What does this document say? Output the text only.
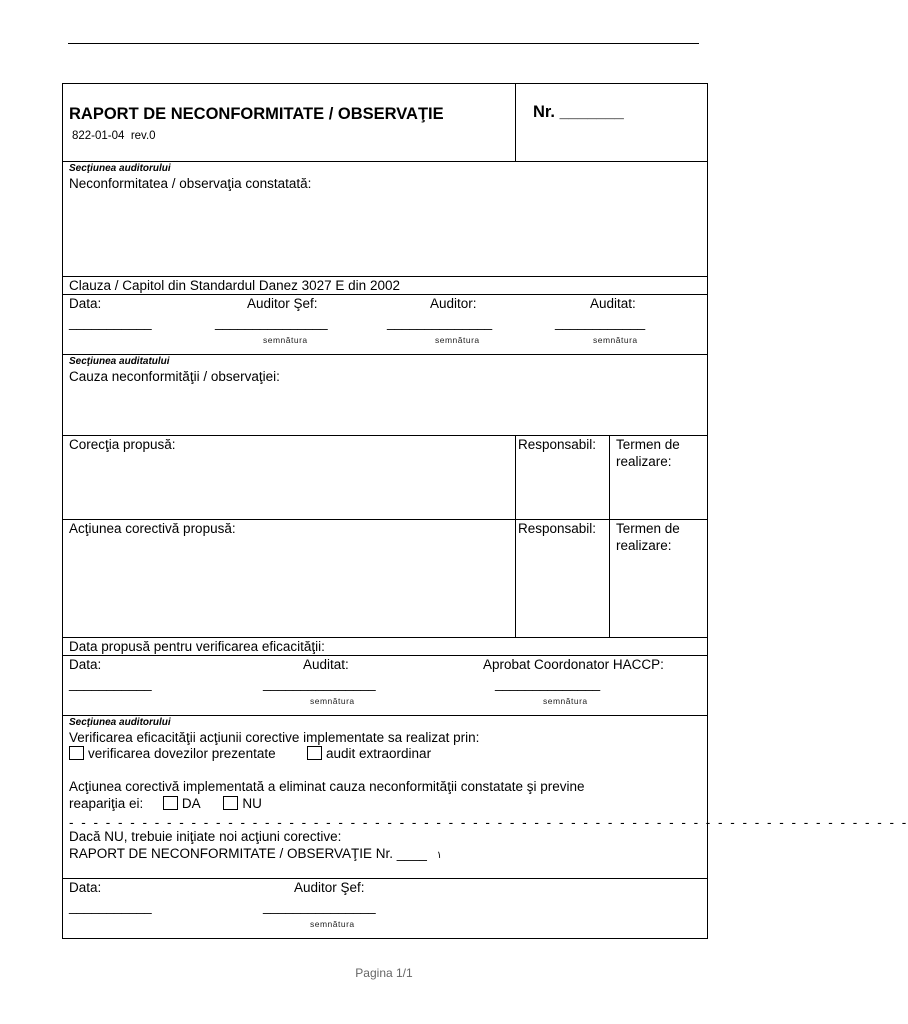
RAPORT DE NECONFORMITATE / OBSERVAŢIE
822-01-04 rev.0
Nr. _______
Secţiunea auditorului
Neconformitatea / observaţia constatată:
Clauza / Capitol din Standardul Danez 3027 E din 2002
Data:	Auditor Şef:	Auditor:	Auditat:
___________	_______________	______________	____________
semnătura	semnătura	semnătura
Secţiunea auditatului
Cauza neconformităţii / observaţiei:
Corecţia propusă:	Responsabil: Termen de
realizare:
Acţiunea corectivă propusă:	Responsabil: Termen de
realizare:
Data propusă pentru verificarea eficacităţii:
Data:	Auditat:	Aprobat Coordonator HACCP:
___________	_______________	______________
semnătura	semnătura
Secţiunea auditorului
Verificarea eficacităţii acţiunii corective implementate sa realizat prin:
verificarea dovezilor prezentate	audit extraordinar
Acţiunea corectivă implementată a eliminat cauza neconformităţii constatate şi previne
reapariţia ei:	DA	NU
- - - - - - - - - - - - - - - - - - - - - - - - - - - - - - - - - - - - - - - - - - - - - - - - - - - - - - - - - - - - - - - - - - - - -
Dacă NU, trebuie iniţiate noi acţiuni corective:
RAPORT DE NECONFORMITATE / OBSERVAŢIE Nr. ____ ١
Data:	Auditor Şef:
___________	_______________
semnătura
Pagina 1/1
